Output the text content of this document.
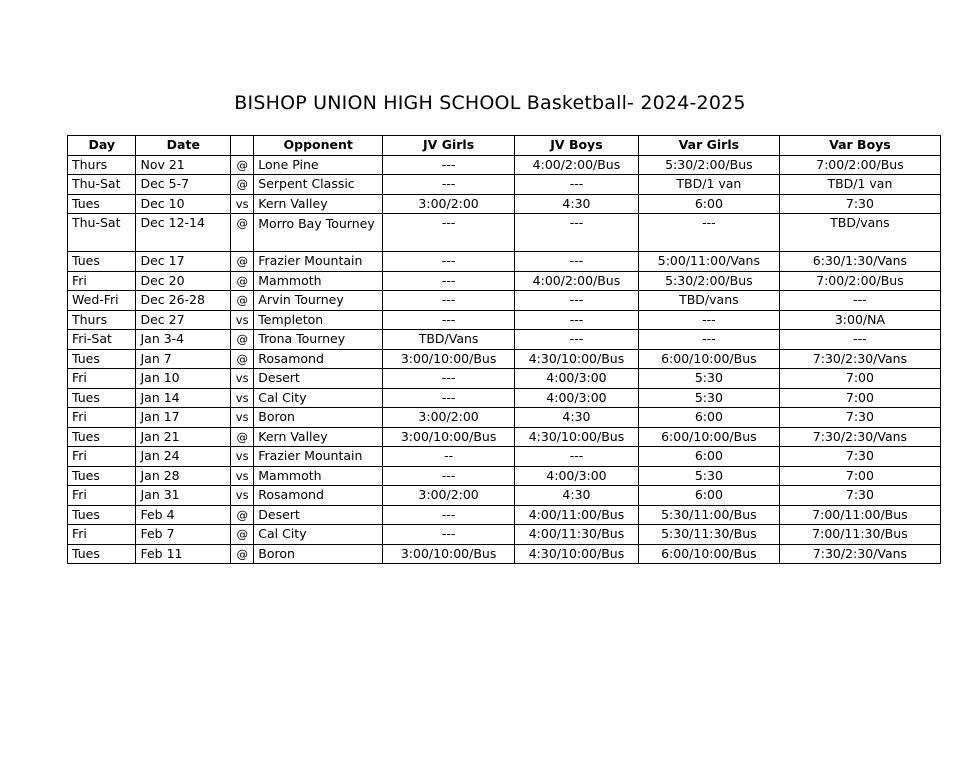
BISHOP UNION HIGH SCHOOL Basketball- 2024-2025
Day	Date		Opponent	JV Girls	JV Boys	Var Girls	Var Boys
Thurs	Nov 21	@	Lone Pine	---	4:00/2:00/Bus	5:30/2:00/Bus	7:00/2:00/Bus
Thu-Sat	Dec 5-7	@	Serpent Classic	---	---	TBD/1 van	TBD/1 van
Tues	Dec 10	vs	Kern Valley	3:00/2:00	4:30	6:00	7:30
Thu-Sat	Dec 12-14	@	Morro Bay Tourney	---	---	---	TBD/vans
Tues	Dec 17	@	Frazier Mountain	---	---	5:00/11:00/Vans	6:30/1:30/Vans
Fri	Dec 20	@	Mammoth	---	4:00/2:00/Bus	5:30/2:00/Bus	7:00/2:00/Bus
Wed-Fri	Dec 26-28	@	Arvin Tourney	---	---	TBD/vans	---
Thurs	Dec 27	vs	Templeton	---	---	---	3:00/NA
Fri-Sat	Jan 3-4	@	Trona Tourney	TBD/Vans	---	---	---
Tues	Jan 7	@	Rosamond	3:00/10:00/Bus	4:30/10:00/Bus	6:00/10:00/Bus	7:30/2:30/Vans
Fri	Jan 10	vs	Desert	---	4:00/3:00	5:30	7:00
Tues	Jan 14	vs	Cal City	---	4:00/3:00	5:30	7:00
Fri	Jan 17	vs	Boron	3:00/2:00	4:30	6:00	7:30
Tues	Jan 21	@	Kern Valley	3:00/10:00/Bus	4:30/10:00/Bus	6:00/10:00/Bus	7:30/2:30/Vans
Fri	Jan 24	vs	Frazier Mountain	--	---	6:00	7:30
Tues	Jan 28	vs	Mammoth	---	4:00/3:00	5:30	7:00
Fri	Jan 31	vs	Rosamond	3:00/2:00	4:30	6:00	7:30
Tues	Feb 4	@	Desert	---	4:00/11:00/Bus	5:30/11:00/Bus	7:00/11:00/Bus
Fri	Feb 7	@	Cal City	---	4:00/11:30/Bus	5:30/11:30/Bus	7:00/11:30/Bus
Tues	Feb 11	@	Boron	3:00/10:00/Bus	4:30/10:00/Bus	6:00/10:00/Bus	7:30/2:30/Vans
